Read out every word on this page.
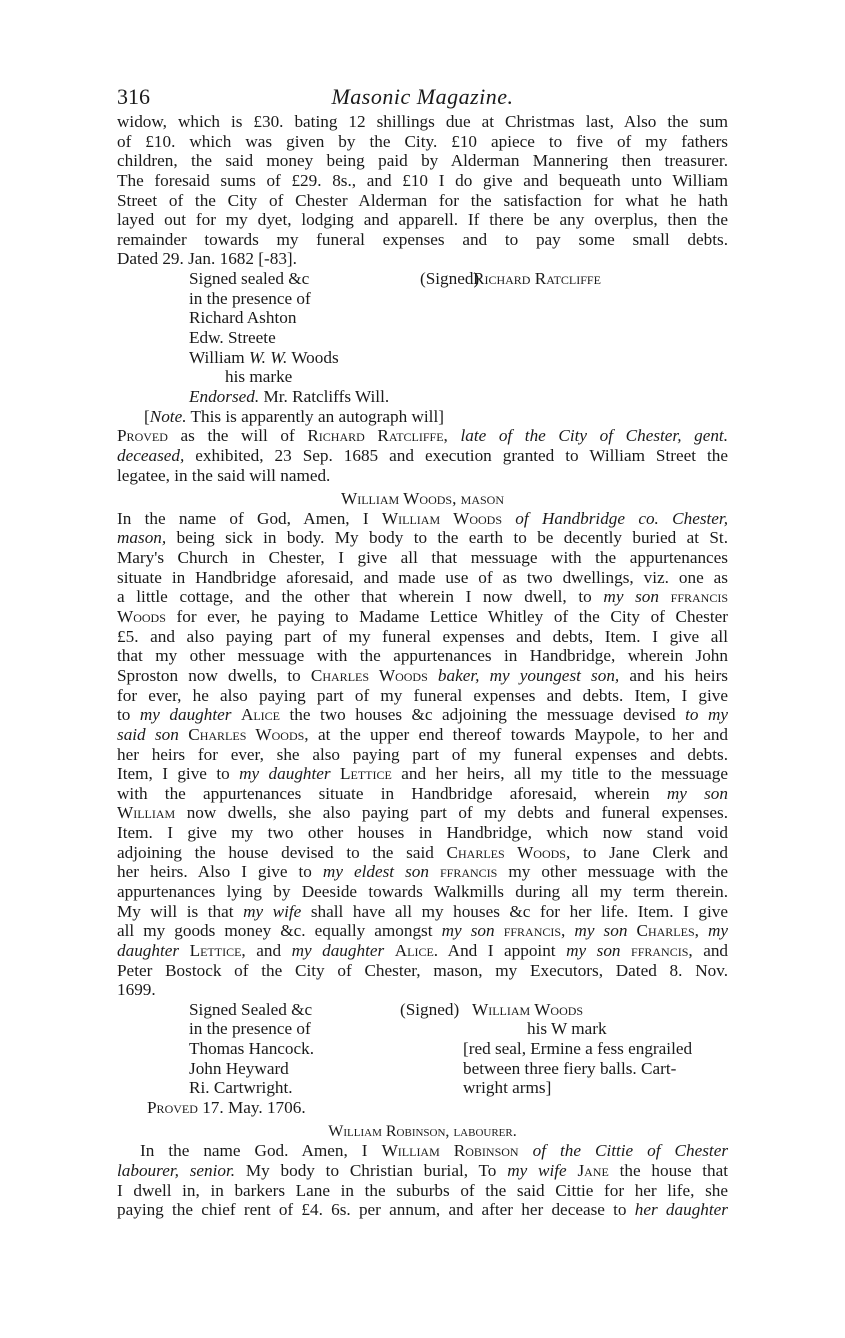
316	Masonic Magazine.
widow, which is £30. bating 12 shillings due at Christmas last, Also the sum
of £10. which was given by the City. £10 apiece to five of my fathers
children, the said money being paid by Alderman Mannering then treasurer.
The foresaid sums of £29. 8s., and £10 I do give and bequeath unto William
Street of the City of Chester Alderman for the satisfaction for what he hath
layed out for my dyet, lodging and apparell. If there be any overplus, then the
remainder towards my funeral expenses and to pay some small debts.
Dated 29. Jan. 1682 [-83].
Signed sealed &c	(Signed)
Richard Ratcliffe
in the presence of
Richard Ashton
Edw. Streete
William W. W. Woods
his marke
Endorsed. Mr. Ratcliffs Will.
[Note. This is apparently an autograph will]
Proved as the will of Richard Ratcliffe, late of the City of Chester, gent.
deceased, exhibited, 23 Sep. 1685 and execution granted to William Street the
legatee, in the said will named.
William Woods, mason
In the name of God, Amen, I William Woods of Handbridge co. Chester,
mason, being sick in body. My body to the earth to be decently buried at St.
Mary's Church in Chester, I give all that messuage with the appurtenances
situate in Handbridge aforesaid, and made use of as two dwellings, viz. one as
a little cottage, and the other that wherein I now dwell, to my son ffrancis
Woods for ever, he paying to Madame Lettice Whitley of the City of Chester
£5. and also paying part of my funeral expenses and debts, Item. I give all
that my other messuage with the appurtenances in Handbridge, wherein John
Sproston now dwells, to Charles Woods baker, my youngest son, and his heirs
for ever, he also paying part of my funeral expenses and debts. Item, I give
to my daughter Alice the two houses &c adjoining the messuage devised to my
said son Charles Woods, at the upper end thereof towards Maypole, to her and
her heirs for ever, she also paying part of my funeral expenses and debts.
Item, I give to my daughter Lettice and her heirs, all my title to the messuage
with the appurtenances situate in Handbridge aforesaid, wherein my son
William now dwells, she also paying part of my debts and funeral expenses.
Item. I give my two other houses in Handbridge, which now stand void
adjoining the house devised to the said Charles Woods, to Jane Clerk and
her heirs. Also I give to my eldest son ffrancis my other messuage with the
appurtenances lying by Deeside towards Walkmills during all my term therein.
My will is that my wife shall have all my houses &c for her life. Item. I give
all my goods money &c. equally amongst my son ffrancis, my son Charles, my
daughter Lettice, and my daughter Alice. And I appoint my son ffrancis, and
Peter Bostock of the City of Chester, mason, my Executors, Dated 8. Nov.
1699.
Signed Sealed &c	(Signed) William Woods
in the presence of	his W mark
Thomas Hancock.	[red seal, Ermine a fess engrailed
John Heyward	between three fiery balls. Cart-
Ri. Cartwright.	wright arms]
Proved 17. May. 1706.
William Robinson, labourer.
In the name God. Amen, I William Robinson of the Cittie of Chester
labourer, senior. My body to Christian burial, To my wife Jane the house that
I dwell in, in barkers Lane in the suburbs of the said Cittie for her life, she
paying the chief rent of £4. 6s. per annum, and after her decease to her daughter
